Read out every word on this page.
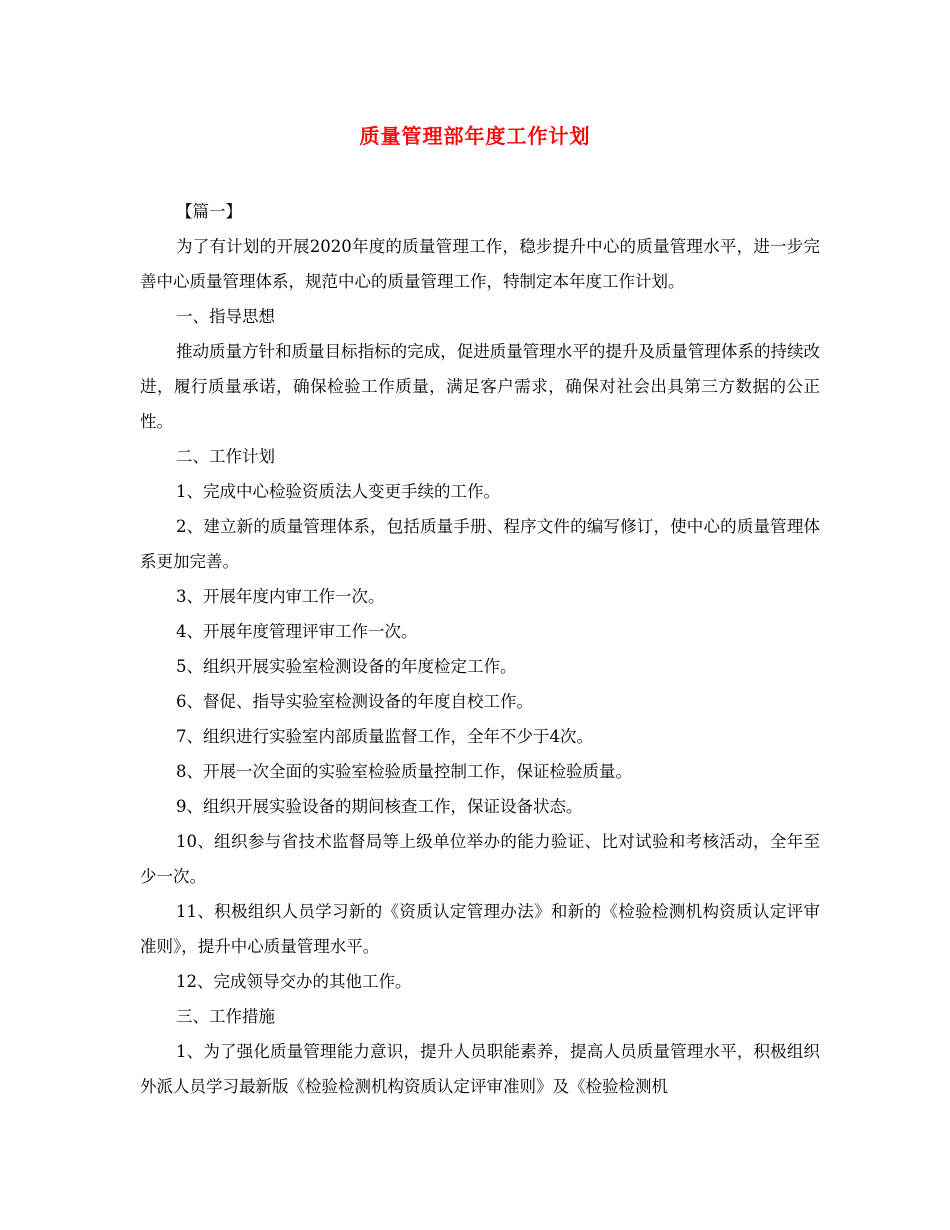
质量管理部年度工作计划

【篇一】

为了有计划的开展2020年度的质量管理工作，稳步提升中心的质量管理水平，进一步完善中心质量管理体系，规范中心的质量管理工作，特制定本年度工作计划。

一、指导思想

推动质量方针和质量目标指标的完成，促进质量管理水平的提升及质量管理体系的持续改进，履行质量承诺，确保检验工作质量，满足客户需求，确保对社会出具第三方数据的公正性。

二、工作计划

1、完成中心检验资质法人变更手续的工作。

2、建立新的质量管理体系，包括质量手册、程序文件的编写修订，使中心的质量管理体系更加完善。

3、开展年度内审工作一次。

4、开展年度管理评审工作一次。

5、组织开展实验室检测设备的年度检定工作。

6、督促、指导实验室检测设备的年度自校工作。

7、组织进行实验室内部质量监督工作，全年不少于4次。

8、开展一次全面的实验室检验质量控制工作，保证检验质量。

9、组织开展实验设备的期间核查工作，保证设备状态。

10、组织参与省技术监督局等上级单位举办的能力验证、比对试验和考核活动，全年至少一次。

11、积极组织人员学习新的《资质认定管理办法》和新的《检验检测机构资质认定评审准则》，提升中心质量管理水平。

12、完成领导交办的其他工作。

三、工作措施

1、为了强化质量管理能力意识，提升人员职能素养，提高人员质量管理水平，积极组织外派人员学习最新版《检验检测机构资质认定评审准则》及《检验检测机
